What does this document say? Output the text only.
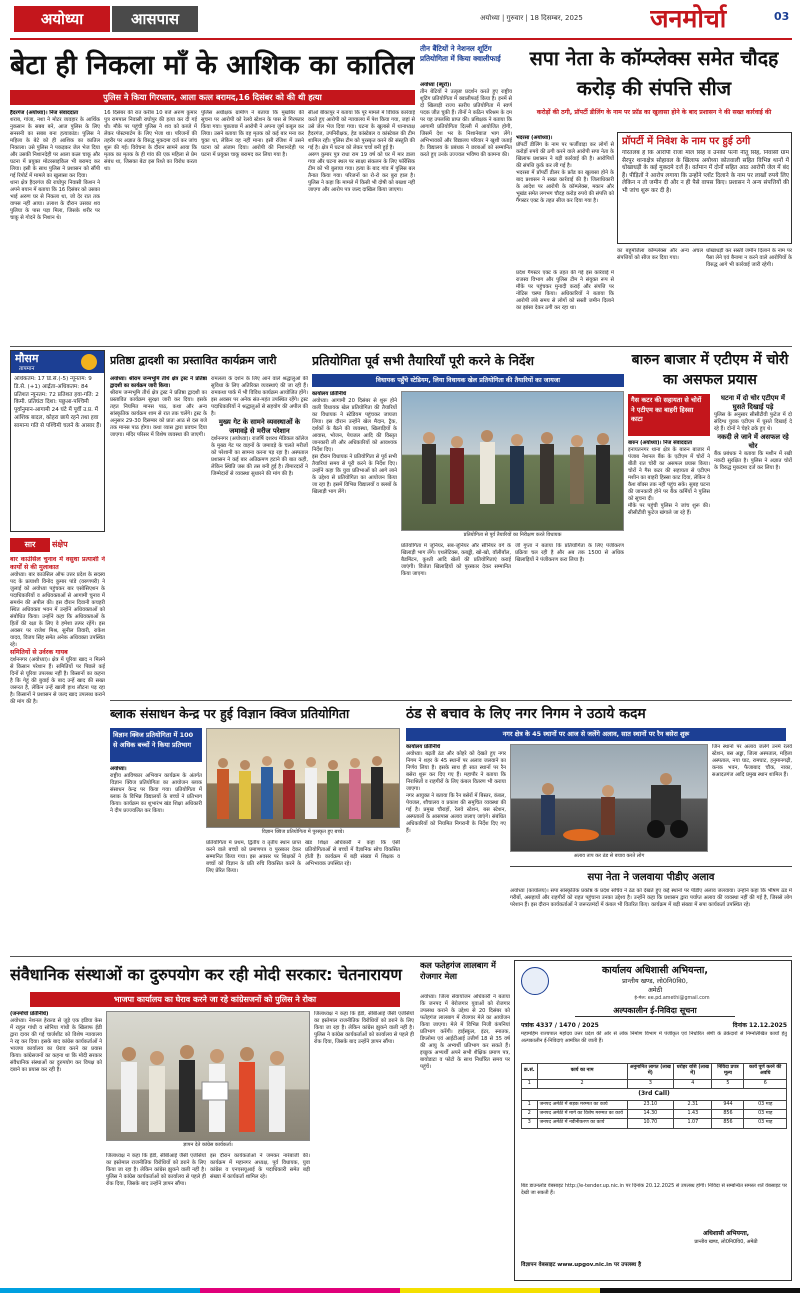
अयोध्या	आसपास	अयोध्या | गुरुवार | 18 दिसम्बर, 2025	जनमोर्चा	03
बेटा ही निकला माँ के आशिक का कातिल
पुलिस ने किया गिरफ्तार, आला कत्ल बरामद,16 दिसंबर को की थी हत्या

हैदरगंज (अयोध्या)। निज संवाददाता

शराब, गांजा, नशा ने मोटर व्यवहार के आर्थिक नुकसान के सबब बने, आज पुलिस के लिए सनसनी का सबब बना हत्याकांड। पुलिस ने महिला के बेटे को ही आशिक का कातिल निकाला। उसे पुलिस ने पकड़कर जेल भेज दिया और उसकी निशानदेही पर आला कत्ल चाकू और घटना में प्रयुक्त मोटरसाइकिल भी बरामद कर लिया। इसी के साथ पुलिस ने प्रशासन को सौंपी गई रिपोर्ट में मामले का खुलासा कर दिया।

थाना क्षेत्र हैदरगंज की राघोपुर निवासी किशन ने अपने बयान में बताया कि 16 दिसंबर को उसका भाई अरुण घर से निकला था, जो देर रात तक वापस नहीं आया। तलाश के दौरान उसका शव पुलिया के पास पड़ा मिला, जिसके शरीर पर चाकू से गोदने के निशान थे।

16 दिसंबर की रात करीब 10 बजे अरुण कुमार पुत्र रामपाल निवासी राघोपुर की हत्या कर दी गई थी। मौके पर पहुंची पुलिस ने शव को कब्जे में लेकर पोस्टमार्टम के लिए भेजा था। परिजनों की तहरीर पर अज्ञात के विरुद्ध मुकदमा दर्ज कर जांच शुरू की गई। विवेचना के दौरान सामने आया कि मृतक का मृतक के ही गांव की एक महिला से प्रेम संबंध था, जिसका बेटा इस रिश्ते का विरोध करता था।

पुलिस अधीक्षक ग्रामीण ने बताया कि मुखबिर की सूचना पर आरोपी को रेलवे स्टेशन के पास से गिरफ्तार किया गया। पूछताछ में आरोपी ने अपना जुर्म कबूल कर लिया। उसने बताया कि वह मृतक को कई बार मना कर चुका था, लेकिन वह नहीं माना। इसी रंजिश में उसने घटना को अंजाम दिया। आरोपी की निशानदेही पर घटना में प्रयुक्त चाकू बरामद कर लिया गया है।

सीओ बीकापुर ने बताया कि पूरे मामले में विधिक कार्रवाई करते हुए आरोपी को न्यायालय में पेश किया गया, जहां से उसे जेल भेज दिया गया। घटना के खुलासे में थानाध्यक्ष हैदरगंज, उपनिरीक्षक, हेड कांस्टेबल व कांस्टेबल की टीम शामिल रही। पुलिस टीम को पुरस्कृत करने की संस्तुति की गई है। क्षेत्र में घटना को लेकर चर्चा बनी हुई है।

अरुण कुमार पुत्र राधा राम 19 वर्ष को घर में मार डाला गया और घटना स्थल पर साक्ष्य संकलन के लिए फॉरेंसिक टीम को भी बुलाया गया। हत्या के बाद गांव में पुलिस बल तैनात किया गया। परिजनों का रो-रो कर बुरा हाल है। पुलिस ने कहा कि मामले में किसी भी दोषी को बख्शा नहीं जाएगा और आरोप पत्र जल्द दाखिल किया जाएगा।

तीन बैंटियों ने नेशनल शूटिंग प्रतियोगिता में किया क्वालीफाई

अयोध्या (ब्यूरो)।

तीन बेटियों ने उत्कृष्ट प्रदर्शन करते हुए राष्ट्रीय शूटिंग प्रतियोगिता में क्वालीफाई किया है। इनमें से दो खिलाड़ी राज्य स्तरीय प्रतियोगिता में स्वर्ण पदक जीत चुकी हैं। तीनों ने कठिन परिश्रम के दम पर यह उपलब्धि प्राप्त की। प्रशिक्षक ने बताया कि आगामी प्रतियोगिता दिल्ली में आयोजित होगी, जिसमें देश भर के निशानेबाज भाग लेंगे। अभिभावकों और विद्यालय परिवार ने खुशी जताई है। विद्यालय के प्रबंधक ने छात्राओं को सम्मानित करते हुए उनके उज्ज्वल भविष्य की कामना की।

सपा नेता के कॉम्प्लेक्स समेत चौदह करोड़ की संपत्ति सीज
करोड़ों की ठगी, प्रॉपर्टी डीलिंग के नाम पर फ्रॉड का खुलासा होने के बाद प्रशासन ने की सख्त कार्रवाई की

भदरसा (अयोध्या)।

प्रॉपर्टी डीलिंग के नाम पर फर्जीवाड़ा कर लोगों से करोड़ों रुपये की ठगी करने वाले आरोपी सपा नेता के खिलाफ प्रशासन ने बड़ी कार्रवाई की है। आरोपियों की संपत्ति कुर्क कर ली गई है।

भदरसा में प्रॉपर्टी डीलर के फ्रॉड का खुलासा होने के बाद प्रशासन ने सख्त कार्रवाई की है। जिलाधिकारी के आदेश पर आरोपी के कॉम्प्लेक्स, मकान और भूखंड समेत लगभग चौदह करोड़ रुपये की संपत्ति को गैंगस्टर एक्ट के तहत सीज कर दिया गया है।

प्रॉपर्टी में निवेश के नाम पर हुई ठगी
गौरतलब है कि आरोपी राजा माल सिंह व उनकी पत्नी नीतू सिंह, निवासी ग्राम सैरपुर थानाक्षेत्र सोहावल के खिलाफ अयोध्या कोतवाली सहित विभिन्न थानों में धोखाधड़ी के कई मुकदमे दर्ज हैं। वर्तमान में दोनों सहित आठ आरोपी जेल में बंद हैं। पीड़ितों ने आरोप लगाया कि उन्होंने प्लॉट दिलाने के नाम पर लाखों रुपये लिए लेकिन न तो जमीन दी और न ही पैसे वापस किए। प्रशासन ने अन्य संपत्तियों की भी जांच शुरू कर दी है।

प्रदेश गैंगस्टर एक्ट के तहत की गई इस कार्रवाई में राजस्व विभाग और पुलिस टीम ने संयुक्त रूप से मौके पर पहुंचकर मुनादी कराई और संपत्ति पर नोटिस चस्पा किया। अधिकारियों ने बताया कि आरोपी लंबे समय से लोगों को सस्ती जमीन दिलाने का झांसा देकर ठगी कर रहा था।

का बहुमंजिला कॉम्प्लेक्स और अन्य अचल संपत्तियों को सीज कर दिया गया।

धोखाधड़ी कर सस्ती जमीन दिलाने के नाम पर पैसा लेने एवं बैनामा न करने वाले आरोपियों के विरुद्ध आगे भी कार्रवाई जारी रहेगी।

मौसम
तापमान
अधिकतम: 17 डि.से.(-5) न्यूनतम: 9 डि.से. (+1) आर्द्रता-अधिकतम: 84 प्रतिशत न्यूनतम: 72 प्रतिशत हवा-गति: 2 किमी. प्रतिघंटा दिशा: पछुआ-पश्चिमी पूर्वानुमान-आगामी 24 घंटे में पूर्वी उ.प्र. में आंशिक बादल, कोहरा छाये रहने तथा हवा सामान्य गति से पश्चिमी चलने के आसार हैं।
सार	संक्षेप

बार काउंसिल चुनाव में वसुधा प्रत्याशी ने कार्यों से की मुलाकात

अयोध्या। बार काउंसिल ऑफ उत्तर प्रदेश के सदस्य पद के प्रत्याशी विनोद कुमार पांडे (वरुणपरी) ने जुलाई को अयोध्या पहुंचकर बार एसोसिएशन के पदाधिकारियों व अधिवक्ताओं से आगामी चुनाव में समर्थन की अपील की। इस दौरान दिवानी कचहरी स्थित अधिवक्ता भवन में उन्होंने अधिवक्ताओं को संबोधित किया। उन्होंने कहा कि अधिवक्ताओं के हितों की रक्षा के लिए वे हमेशा तत्पर रहेंगे। इस अवसर पर राजेश मिश्र, सुनील तिवारी, राकेश यादव, विजय सिंह समेत अनेक अधिवक्ता उपस्थित रहे।

समितियों से उर्वरक गायब

दर्शननगर (अयोध्या)। क्षेत्र में यूरिया खाद न मिलने से किसान परेशान हैं। समितियों पर पिछले कई दिनों से यूरिया उपलब्ध नहीं है। किसानों का कहना है कि गेहूं की बुवाई के बाद उन्हें खाद की सख्त जरूरत है, लेकिन उन्हें खाली हाथ लौटना पड़ रहा है। किसानों ने प्रशासन से जल्द खाद उपलब्ध कराने की मांग की है।

प्रतिष्ठा द्वादशी का प्रस्तावित कार्यक्रम जारी

अयोध्या। श्रीराम जन्मभूमि तीर्थ क्षेत्र ट्रस्ट ने प्रतिष्ठा द्वादशी का कार्यक्रम जारी किया।

श्रीराम जन्मभूमि तीर्थ क्षेत्र ट्रस्ट ने प्रतिष्ठा द्वादशी का प्रस्तावित कार्यक्रम सुरक्षा जारी कर दिया। इसके तहत नियमित मानस पाठ, कथा और अन्य सांस्कृतिक कार्यक्रम शाम से रात तक चलेंगे। ट्रस्ट के अनुसार 29-30 दिसम्बर को प्रातः आठ से दस बजे तक मानस पाठ होगा। कथा व्यास द्वारा प्रवचन दिया जाएगा। मंदिर परिसर में विशेष व्यवस्था की जाएगी।

रामलला के दर्शन के लिए आने वाले श्रद्धालुओं की सुविधा के लिए अतिरिक्त व्यवस्थाएं की जा रही हैं। रामकथा पार्क में भी विविध कार्यक्रम आयोजित होंगे। इस अवसर पर अनेक संत-महंत उपस्थित रहेंगे। ट्रस्ट पदाधिकारियों ने श्रद्धालुओं से सहयोग की अपील की है।

मुख्य गेट के सामने व्यवस्थाओं के जमावड़े से मरीज परेशान

दर्शननगर (अयोध्या)। राजर्षि दशरथ मेडिकल कॉलेज के मुख्य गेट पर वाहनों के जमावड़े के चलते मरीजों को परेशानी का सामना करना पड़ रहा है। अस्पताल प्रशासन ने कई बार अतिक्रमण हटाने की बात कही, लेकिन स्थिति जस की तस बनी हुई है। तीमारदारों ने जिम्मेदारों से व्यवस्था सुधारने की मांग की है।

प्रतियोगिता पूर्व सभी तैयारियाँ पूरी करने के निर्देश
विधायक पहुँचे स्टेडियम, लिया विधायक खेल प्रतियोगिता की तैयारियों का जायजा

कार्यालय प्रतिनिधि

अयोध्या। आगामी 20 दिसंबर से शुरू होने वाली विधायक खेल प्रतियोगिता की तैयारियों का विधायक ने स्टेडियम पहुंचकर जायजा लिया। इस दौरान उन्होंने खेल मैदान, ट्रैक, दर्शकों के बैठने की व्यवस्था, खिलाड़ियों के आवास, भोजन, पेयजल आदि की विस्तृत जानकारी ली और अधिकारियों को आवश्यक निर्देश दिए।

इस दौरान विधायक ने प्रतियोगिता से पूर्व सभी तैयारियां समय से पूरी करने के निर्देश दिए। उन्होंने कहा कि युवा प्रतिभाओं को आगे लाने के उद्देश्य से प्रतियोगिता का आयोजन किया जा रहा है। इसमें विभिन्न विद्यालयों व क्लबों के खिलाड़ी भाग लेंगे।

प्रतियोगिता से पूर्व तैयारियों का निरीक्षण करते विधायक

प्रतियोगिता में जूनियर, सब-जूनियर और सीनियर वर्ग के खिलाड़ी भाग लेंगे। एथलेटिक्स, कबड्डी, खो-खो, वॉलीबॉल, बैडमिंटन, कुश्ती आदि खेलों की प्रतियोगिताएं कराई जाएंगी। विजेता खिलाड़ियों को पुरस्कार देकर सम्मानित किया जाएगा।

जी गुप्ता ने बताया कि प्रतियोगिता के लिए पंजीकरण प्रक्रिया चल रही है और अब तक 1500 से अधिक खिलाड़ियों ने पंजीकरण करा लिया है।

बारुन बाजार में एटीएम में चोरी का असफल प्रयास
गैस कटर की सहायता से चोरों ने एटीएम का बाहरी हिस्सा काटा

बारुन (अयोध्या)। निज संवाददाता

इनायतनगर थाना क्षेत्र के बारुन बाजार में पंजाब नेशनल बैंक के एटीएम में चोरों ने बीती रात चोरी का असफल प्रयास किया। चोरों ने गैस कटर की सहायता से एटीएम मशीन का बाहरी हिस्सा काट दिया, लेकिन वे कैश बॉक्स तक नहीं पहुंच सके। सुबह घटना की जानकारी होने पर बैंक कर्मियों ने पुलिस को सूचना दी।

मौके पर पहुंची पुलिस ने जांच शुरू की। सीसीटीवी फुटेज खंगाले जा रहे हैं।

घटना में दो चोर एटीएम में घुसते दिखाई पड़े

पुलिस के अनुसार सीसीटीवी फुटेज में दो संदिग्ध युवक एटीएम में घुसते दिखाई दे रहे हैं। दोनों ने चेहरे ढके हुए थे।

नकदी ले जाने में असफल रहे चोर

बैंक प्रबंधक ने बताया कि मशीन में रखी नकदी सुरक्षित है। पुलिस ने अज्ञात चोरों के विरुद्ध मुकदमा दर्ज कर लिया है।

ब्लाक संसाधन केन्द्र पर हुई विज्ञान क्विज प्रतियोगिता
विज्ञान क्विज प्रतियोगिता में 100 से अधिक बच्चों ने किया प्रतिभाग

अयोध्या।

राष्ट्रीय आविष्कार अभियान कार्यक्रम के अंतर्गत विज्ञान क्विज प्रतियोगिता का आयोजन ब्लाक संसाधन केन्द्र पर किया गया। प्रतियोगिता में ब्लाक के विभिन्न विद्यालयों के बच्चों ने प्रतिभाग किया। कार्यक्रम का शुभारंभ खंड शिक्षा अधिकारी ने दीप प्रज्ज्वलित कर किया।

विज्ञान क्विज प्रतियोगिता में पुरस्कृत हुए बच्चे।

प्रतियोगिता में प्रथम, द्वितीय व तृतीय स्थान प्राप्त करने वाले बच्चों को प्रमाणपत्र व पुरस्कार देकर सम्मानित किया गया। इस अवसर पर शिक्षकों ने बच्चों को विज्ञान के प्रति रुचि विकसित करने के लिए प्रेरित किया।

खंड शिक्षा अधिकारी ने कहा कि ऐसी प्रतियोगिताओं से बच्चों में वैज्ञानिक सोच विकसित होती है। कार्यक्रम में बड़ी संख्या में शिक्षक व अभिभावक उपस्थित रहे।

ठंड से बचाव के लिए नगर निगम ने उठाये कदम
नगर क्षेत्र के 45 स्थानों पर आज से जलेंगे अलाव, सात स्थानों पर रैन बसेरा शुरू

कार्यालय प्रतिनिधि

अयोध्या। बढ़ती ठंड और कोहरे को देखते हुए नगर निगम ने शहर के 45 स्थानों पर अलाव जलवाने का निर्णय लिया है। इसके साथ ही सात स्थानों पर रैन बसेरा शुरू कर दिए गए हैं। महापौर ने बताया कि निराश्रितों व राहगीरों के लिए कंबल वितरण भी कराया जाएगा।

नगर आयुक्त ने बताया कि रैन बसेरों में बिस्तर, कंबल, पेयजल, शौचालय व प्रकाश की समुचित व्यवस्था की गई है। प्रमुख चौराहों, रेलवे स्टेशन, बस स्टेशन, अस्पतालों के आसपास अलाव जलाए जाएंगे। संबंधित अधिकारियों को नियमित निगरानी के निर्देश दिए गए हैं।

अलाव ताप कर ठंड से बचाव करते लोग

जिन स्थानों पर अलाव जलेंगे उनमें रेलवे स्टेशन, बस अड्डा, जिला अस्पताल, महिला अस्पताल, नया घाट, रामघाट, हनुमानगढ़ी, कनक भवन, फैजाबाद चौक, नाका, सआदतगंज आदि प्रमुख स्थान शामिल हैं।

सपा नेता ने जलवाया पीडीए अलाव
अयोध्या (कार्यालय)। सपा सांस्कृतिक प्रकोष्ठ के प्रदेश सचिव ने ठंड को देखते हुए कई स्थानों पर पीडीए अलाव जलवाया। उन्होंने कहा कि भीषण ठंड में गरीबों, असहायों और राहगीरों को राहत पहुंचाना उनका उद्देश्य है। उन्होंने कहा कि प्रशासन द्वारा पर्याप्त अलाव की व्यवस्था नहीं की गई है, जिससे लोग परेशान हैं। इस दौरान कार्यकर्ताओं ने जरूरतमंदों में कंबल भी वितरित किए। कार्यक्रम में बड़ी संख्या में सपा कार्यकर्ता उपस्थित रहे।
संवैधानिक संस्थाओं का दुरुपयोग कर रही मोदी सरकार: चेतनारायण
भाजपा कार्यालय का घेराव करने जा रहे कांग्रेसजनों को पुलिस ने रोका

(जनमोर्चा प्रतिनिधि)

अयोध्या। नेशनल हेराल्ड से जुड़े एक इडिया केस में राहुल गांधी व सोनिया गांधी के खिलाफ ईडी द्वारा दायर की गई चार्जशीट को विशेष न्यायालय ने रद्द कर दिया। इसके बाद कांग्रेस कार्यकर्ताओं ने भाजपा कार्यालय का घेराव करने का प्रयास किया। कांग्रेसजनों का कहना था कि मोदी सरकार संवैधानिक संस्थाओं का दुरुपयोग कर विपक्ष को दबाने का प्रयास कर रही है।

ज्ञापन देते कांग्रेस कार्यकर्ता।

जिलाध्यक्ष ने कहा कि ईडी, सीबीआई जैसी एजेंसियों का इस्तेमाल राजनीतिक विरोधियों को डराने के लिए किया जा रहा है। लेकिन कांग्रेस झुकने वाली नहीं है। पुलिस ने कांग्रेस कार्यकर्ताओं को कार्यालय से पहले ही रोक दिया, जिसके बाद उन्होंने ज्ञापन सौंपा।

इस दौरान कार्यकर्ताओं ने जमकर नारेबाजी की। कार्यक्रम में महानगर अध्यक्ष, पूर्व विधायक, युवा कांग्रेस व एनएसयूआई के पदाधिकारी समेत बड़ी संख्या में कार्यकर्ता शामिल रहे।

जिलाध्यक्ष ने कहा कि ईडी, सीबीआई जैसी एजेंसियों का इस्तेमाल राजनीतिक विरोधियों को डराने के लिए किया जा रहा है। लेकिन कांग्रेस झुकने वाली नहीं है। पुलिस ने कांग्रेस कार्यकर्ताओं को कार्यालय से पहले ही रोक दिया, जिसके बाद उन्होंने ज्ञापन सौंपा।

कल फतेहगंज लालबाग में रोजगार मेला

अयोध्या। जिला सेवायोजन अधिकारी ने बताया कि जनपद में बेरोजगार युवाओं को रोजगार उपलब्ध कराने के उद्देश्य से 20 दिसंबर को फतेहगंज लालबाग में रोजगार मेले का आयोजन किया जाएगा। मेले में विभिन्न निजी कंपनियां प्रतिभाग करेंगी। हाईस्कूल, इंटर, स्नातक, डिप्लोमा एवं आईटीआई उत्तीर्ण 18 से 35 वर्ष की आयु के अभ्यर्थी प्रतिभाग कर सकते हैं। इच्छुक अभ्यर्थी अपने सभी शैक्षिक प्रमाण पत्र, बायोडाटा व फोटो के साथ निर्धारित समय पर पहुंचें।

कार्यालय अधिशासी अभियन्ता,
प्रान्तीय खण्ड, लो0नि0वि0,
अमेठी
ई-मेल: ee.pd.amethi@gmail.com
अल्पकालीन ई-निविदा सूचना
पत्रांक 4337 / 1470 / 2025	दिनांक 12.12.2025
महामहिम राज्यपाल महोदय उत्तर प्रदेश की ओर से लोक निर्माण विभाग में पंजीकृत एवं निर्धारित श्रेणी के ठेकेदारों से निम्नलिखित कार्यों हेतु अल्पकालीन ई-निविदाएं आमंत्रित की जाती हैं।
क्र.सं.	कार्य का नाम	अनुमानित लागत (लाख में)	धरोहर राशि (लाख में)	निविदा प्रपत्र मूल्य	कार्य पूर्ण करने की अवधि
1	2	3	4	5	6
(3rd Call)					
1	जनपद अमेठी में सड़क मरम्मत का कार्य	23.10	2.31	944	03 माह
2	जनपद अमेठी में मार्ग का विशेष मरम्मत का कार्य	14.30	1.43	856	03 माह
3	जनपद अमेठी में नवीनीकरण का कार्य	10.70	1.07	856	03 माह
बिड डाउनलोड वेबसाइट http://e-tender.up.nic.in पर दिनांक 20.12.2025 से उपलब्ध होगी। निविदा से सम्बन्धित समस्त शर्तें वेबसाइट पर देखी जा सकती हैं।
अधिशासी अभियन्ता,
प्रान्तीय खण्ड, लो0नि0वि0, अमेठी
विज्ञापन वेबसाइट www.upgov.nic.in पर उपलब्ध है
